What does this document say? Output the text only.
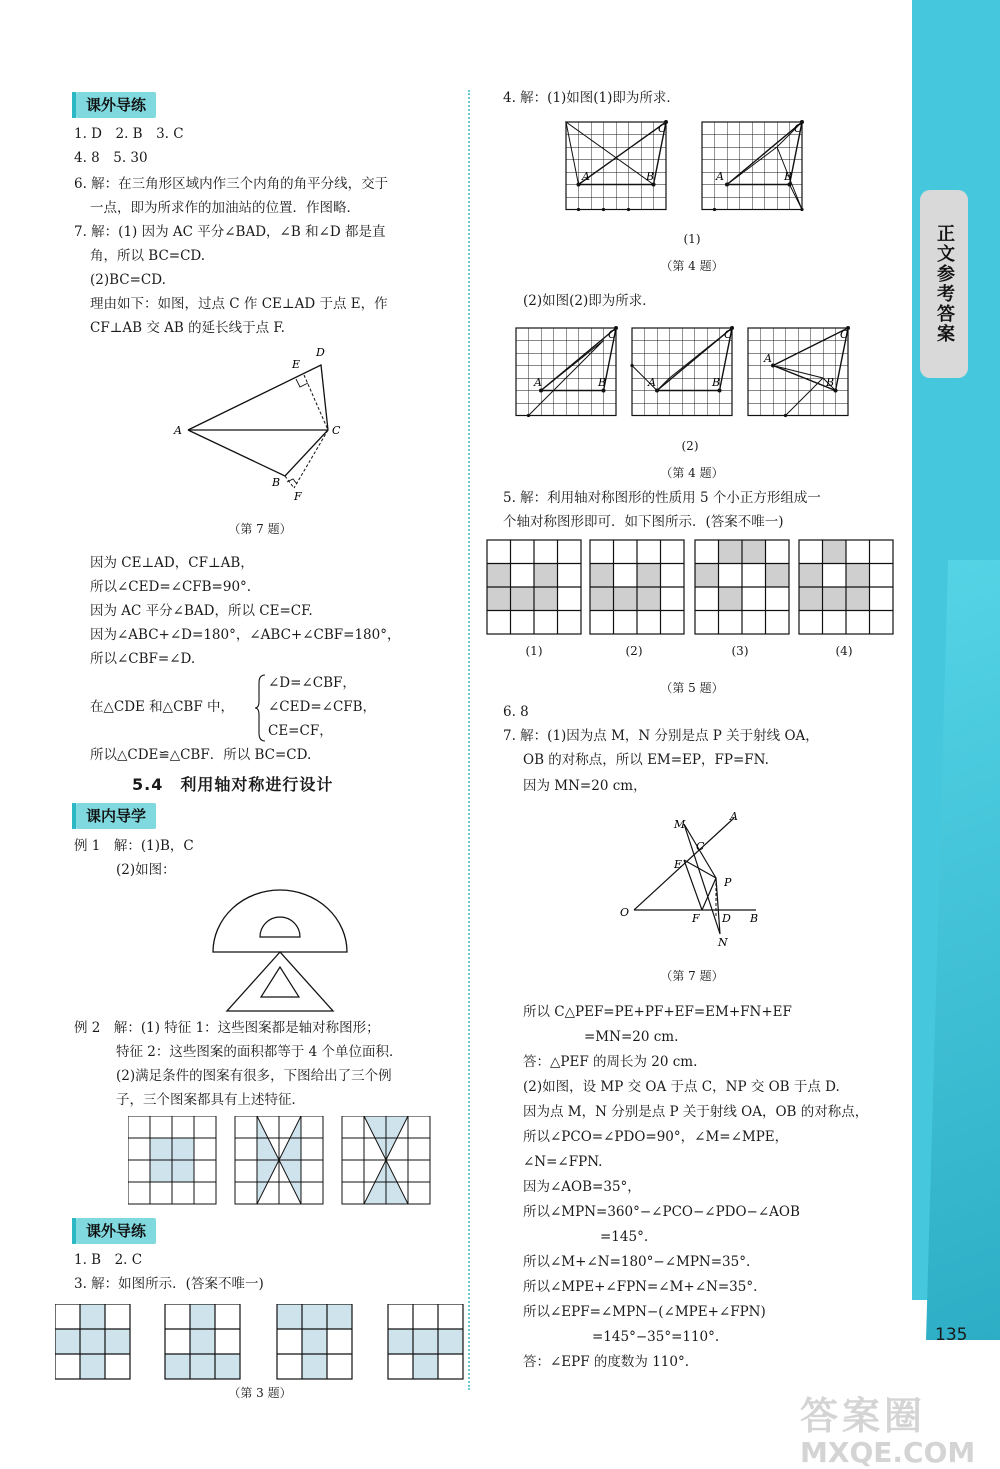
正文参考答案
135
课外导练
1. D　2. B　3. C
4. 8　5. 30
6. 解：在三角形区域内作三个内角的角平分线，交于
一点，即为所求作的加油站的位置．作图略．
7. 解：(1) 因为 AC 平分∠BAD，∠B 和∠D 都是直
角，所以 BC=CD.
(2)BC=CD.
理由如下：如图，过点 C 作 CE⊥AD 于点 E，作
CF⊥AB 交 AB 的延长线于点 F.
A
D
E
C
B
F
（第 7 题）
因为 CE⊥AD，CF⊥AB，
所以∠CED=∠CFB=90°.
因为 AC 平分∠BAD，所以 CE=CF.
因为∠ABC+∠D=180°，∠ABC+∠CBF=180°，
所以∠CBF=∠D.
在△CDE 和△CBF 中，
∠D=∠CBF，
∠CED=∠CFB，
CE=CF，
所以△CDE≌△CBF．所以 BC=CD.
5.4　利用轴对称进行设计
课内导学
例 1　解：(1)B，C
(2)如图：
例 2　解：(1) 特征 1：这些图案都是轴对称图形；
特征 2：这些图案的面积都等于 4 个单位面积．
(2)满足条件的图案有很多，下图给出了三个例
子，三个图案都具有上述特征．
课外导练
1. B　2. C
3. 解：如图所示．(答案不唯一)
（第 3 题）
4. 解：(1)如图(1)即为所求．
A	B
C
A	B
C
(1)
（第 4 题）
(2)如图(2)即为所求．
A	B
C
A	B
C
A
B
C
(2)
（第 4 题）
5. 解：利用轴对称图形的性质用 5 个小正方形组成一
个轴对称图形即可．如下图所示．(答案不唯一)
(1)	(2)	(3)	(4)
（第 5 题）
6. 8
7. 解：(1)因为点 M，N 分别是点 P 关于射线 OA，
OB 的对称点，所以 EM=EP，FP=FN.
因为 MN=20 cm，
O
A
B
M
C
E
P
F D
N
（第 7 题）
所以 C△PEF=PE+PF+EF=EM+FN+EF
=MN=20 cm.
答：△PEF 的周长为 20 cm.
(2)如图，设 MP 交 OA 于点 C，NP 交 OB 于点 D.
因为点 M，N 分别是点 P 关于射线 OA，OB 的对称点，
所以∠PCO=∠PDO=90°，∠M=∠MPE，
∠N=∠FPN.
因为∠AOB=35°，
所以∠MPN=360°−∠PCO−∠PDO−∠AOB
=145°.
所以∠M+∠N=180°−∠MPN=35°.
所以∠MPE+∠FPN=∠M+∠N=35°.
所以∠EPF=∠MPN−(∠MPE+∠FPN)
=145°−35°=110°.
答：∠EPF 的度数为 110°.
答案圈
MXQE.COM
